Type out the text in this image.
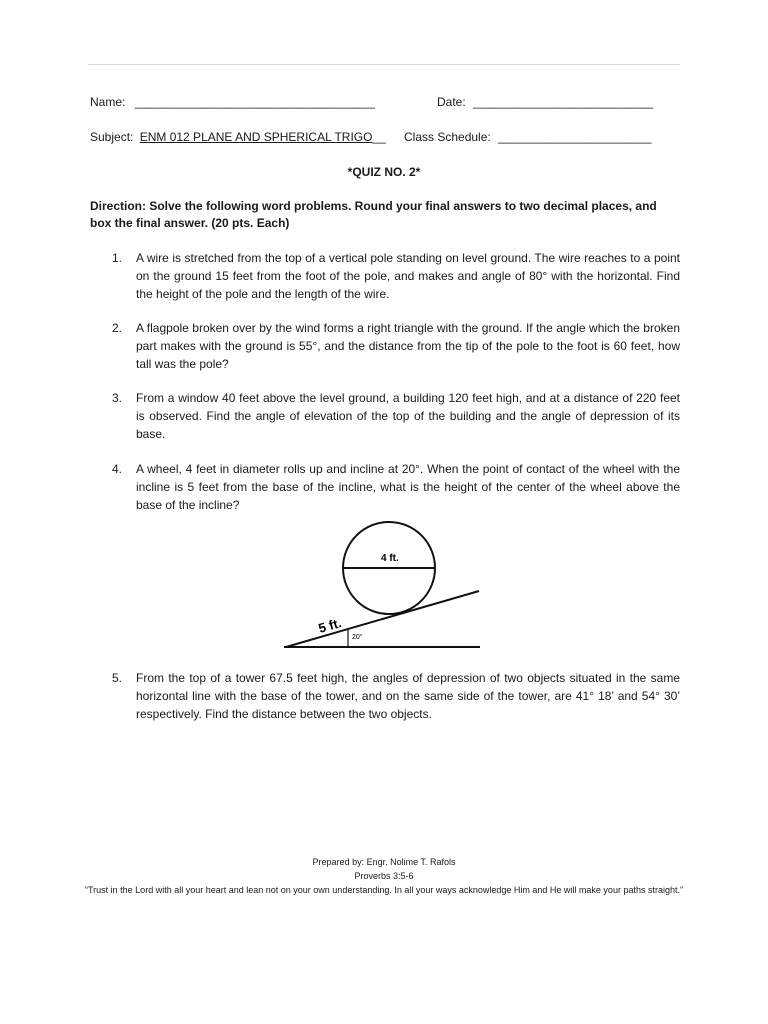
Name: ____________________________________	Date: ___________________________
Subject: ENM 012 PLANE AND SPHERICAL TRIGO__ Class Schedule: _______________________
*QUIZ NO. 2*
Direction: Solve the following word problems. Round your final answers to two decimal places, and box the final answer. (20 pts. Each)
1. A wire is stretched from the top of a vertical pole standing on level ground. The wire reaches to a point on the ground 15 feet from the foot of the pole, and makes and angle of 80° with the horizontal. Find the height of the pole and the length of the wire.
2. A flagpole broken over by the wind forms a right triangle with the ground. If the angle which the broken part makes with the ground is 55°, and the distance from the tip of the pole to the foot is 60 feet, how tall was the pole?
3. From a window 40 feet above the level ground, a building 120 feet high, and at a distance of 220 feet is observed. Find the angle of elevation of the top of the building and the angle of depression of its base.
4. A wheel, 4 feet in diameter rolls up and incline at 20°. When the point of contact of the wheel with the incline is 5 feet from the base of the incline, what is the height of the center of the wheel above the base of the incline?
4 ft.
5 ft.
20°
5. From the top of a tower 67.5 feet high, the angles of depression of two objects situated in the same horizontal line with the base of the tower, and on the same side of the tower, are 41° 18’ and 54° 30’ respectively. Find the distance between the two objects.
Prepared by: Engr. Nolime T. Rafols
Proverbs 3:5-6
“Trust in the Lord with all your heart and lean not on your own understanding. In all your ways acknowledge Him and He will make your paths straight.”
